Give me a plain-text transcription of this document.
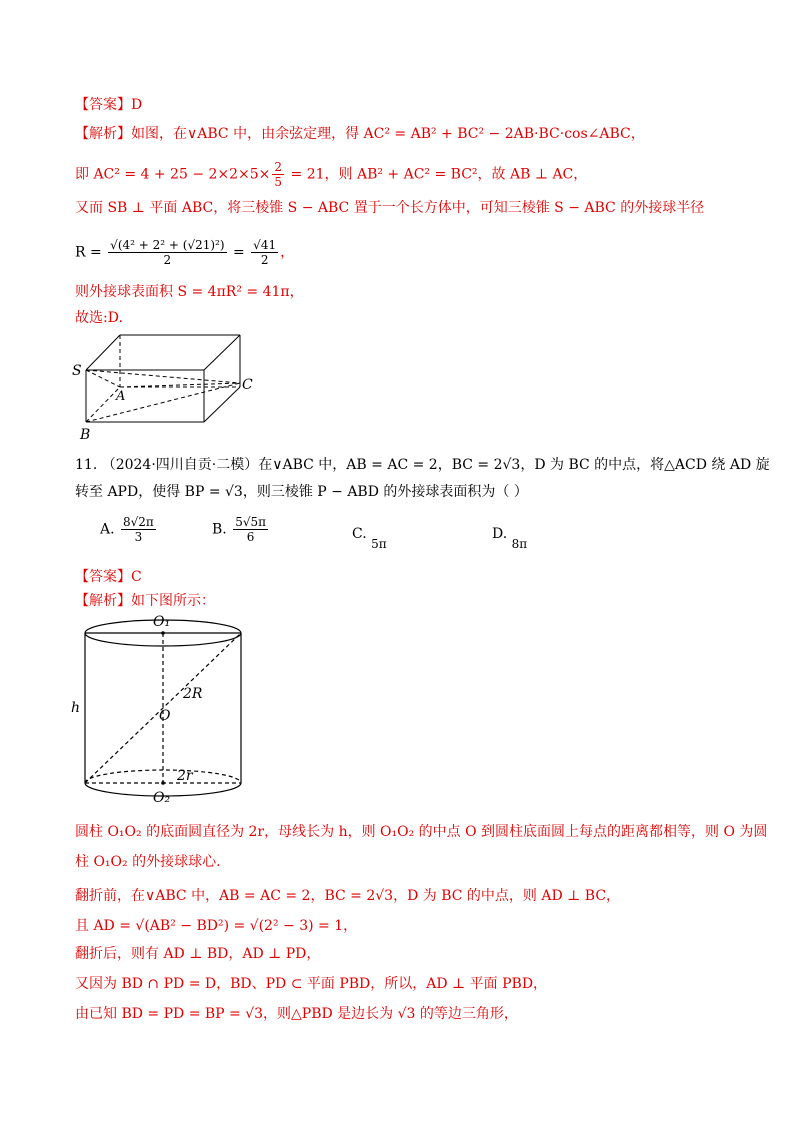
【答案】D
【解析】如图，在∨ABC 中，由余弦定理，得 AC² = AB² + BC² − 2AB·BC·cos∠ABC，
即 $AC^2 = 4 + 25 - 2\times 2\times 5\times \frac{2}{5} = 21$，则 AB² + AC² = BC²，故 AB ⊥ AC，
又而 SB ⊥ 平面 ABC，将三棱锥 S − ABC 置于一个长方体中，可知三棱锥 S − ABC 的外接球半径
$R = \frac{\text{√(4² + 2² + (√21)²)}}{2} = \frac{√41}{2}$ ，
则外接球表面积 S = 4πR² = 41π，
故选:D.
S
A
C
B
11. （2024·四川自贡·二模）在∨ABC 中，AB = AC = 2，BC = 2√3，D 为 BC 的中点，将△ACD 绕 AD 旋
转至 APD，使得 BP = √3，则三棱锥 P − ABD 的外接球表面积为（ ）
A. $\frac{8√2\pi}{3}$	B. $\frac{5√5\pi}{6}$	C. 5π
D. 8π
【答案】C
【解析】如下图所示：
O₁
2R
O
h
2r
O₂
圆柱 O₁O₂ 的底面圆直径为 2r，母线长为 h，则 O₁O₂ 的中点 O 到圆柱底面圆上每点的距离都相等，则 O 为圆
柱 O₁O₂ 的外接球球心.
翻折前，在∨ABC 中，AB = AC = 2，BC = 2√3，D 为 BC 的中点，则 AD ⊥ BC，
且 AD = √(AB² − BD²) = √(2² − 3) = 1，
翻折后，则有 AD ⊥ BD，AD ⊥ PD，
又因为 BD ∩ PD = D，BD、PD ⊂ 平面 PBD，所以，AD ⊥ 平面 PBD，
由已知 BD = PD = BP = √3，则△PBD 是边长为 √3 的等边三角形，
